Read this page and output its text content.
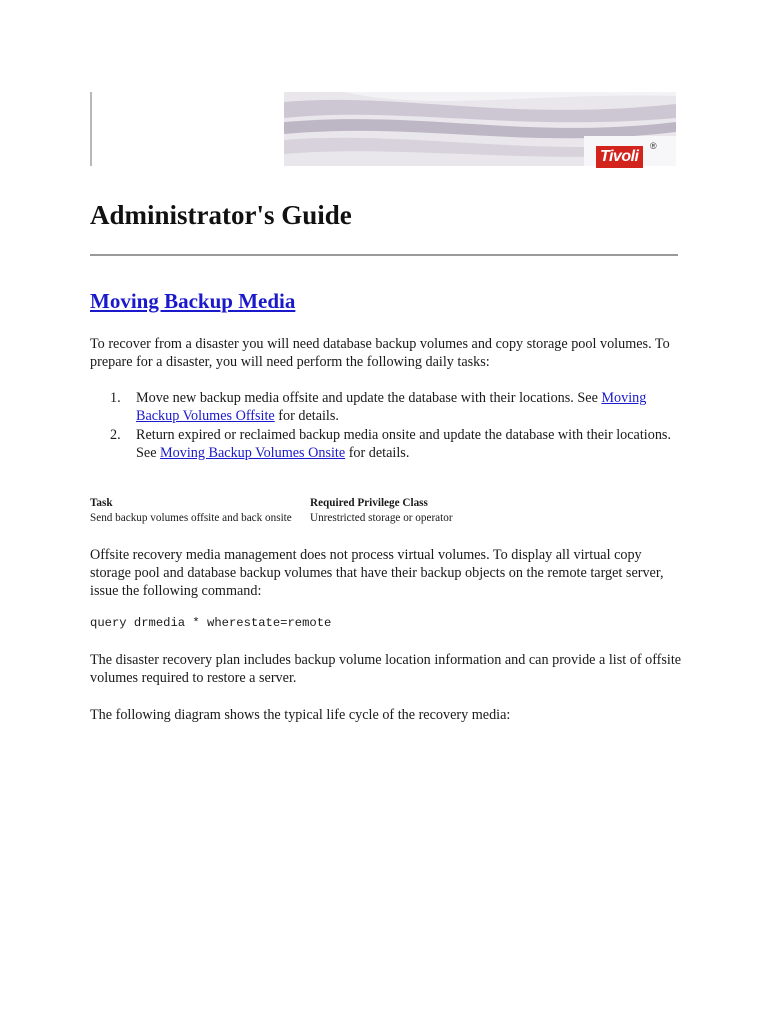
Tivoli
®
Administrator's Guide
Moving Backup Media

To recover from a disaster you will need database backup volumes and copy storage pool volumes. To prepare for a disaster, you will need perform the following daily tasks:

1. Move new backup media offsite and update the database with their locations. See Moving Backup Volumes Offsite for details.
2. Return expired or reclaimed backup media onsite and update the database with their locations. See Moving Backup Volumes Onsite for details.
Task	Required Privilege Class
Send backup volumes offsite and back onsite	Unrestricted storage or operator

Offsite recovery media management does not process virtual volumes. To display all virtual copy storage pool and database backup volumes that have their backup objects on the remote target server, issue the following command:

query drmedia * wherestate=remote

The disaster recovery plan includes backup volume location information and can provide a list of offsite volumes required to restore a server.

The following diagram shows the typical life cycle of the recovery media:
